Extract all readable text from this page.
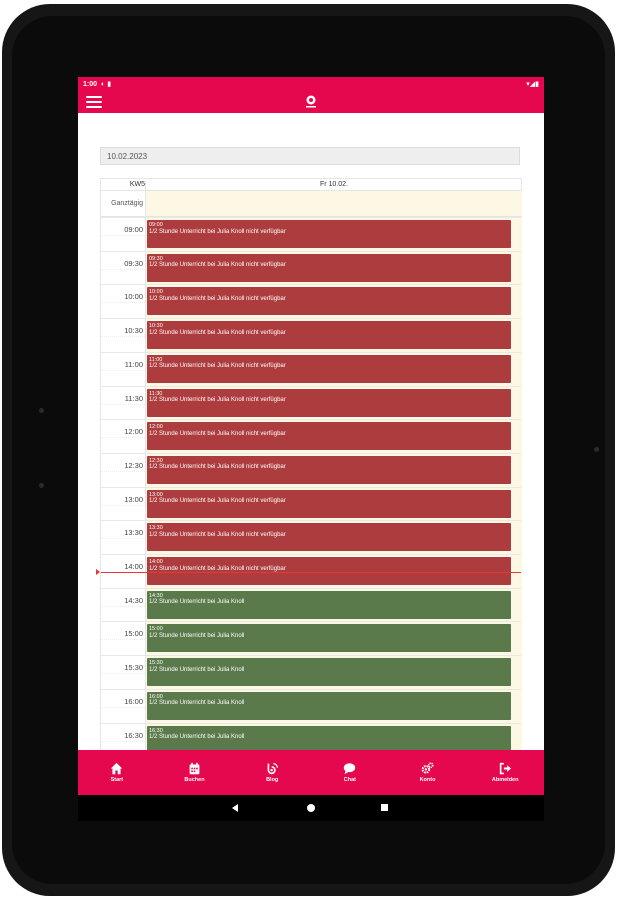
1:00 ◐ ▮	▾◢▮
10.02.2023
KW5	Fr 10.02.
Ganztägig
09:00 09:00
1/2 Stunde Unterricht bei Julia Knoll nicht verfügbar
09:30 09:30
1/2 Stunde Unterricht bei Julia Knoll nicht verfügbar
10:00 10:00
1/2 Stunde Unterricht bei Julia Knoll nicht verfügbar
10:30 10:30
1/2 Stunde Unterricht bei Julia Knoll nicht verfügbar
11:00 11:00
1/2 Stunde Unterricht bei Julia Knoll nicht verfügbar
11:30 11:30
1/2 Stunde Unterricht bei Julia Knoll nicht verfügbar
12:00 12:00
1/2 Stunde Unterricht bei Julia Knoll nicht verfügbar
12:30 12:30
1/2 Stunde Unterricht bei Julia Knoll nicht verfügbar
13:00 13:00
1/2 Stunde Unterricht bei Julia Knoll nicht verfügbar
13:30 13:30
1/2 Stunde Unterricht bei Julia Knoll nicht verfügbar
14:00 14:00
1/2 Stunde Unterricht bei Julia Knoll nicht verfügbar
14:30 14:30
1/2 Stunde Unterricht bei Julia Knoll
15:00 15:00
1/2 Stunde Unterricht bei Julia Knoll
15:30 15:30
1/2 Stunde Unterricht bei Julia Knoll
16:00 16:00
1/2 Stunde Unterricht bei Julia Knoll
16:30 16:30
1/2 Stunde Unterricht bei Julia Knoll
Start	Buchen	Blog	Chat	Konto	Abmelden
